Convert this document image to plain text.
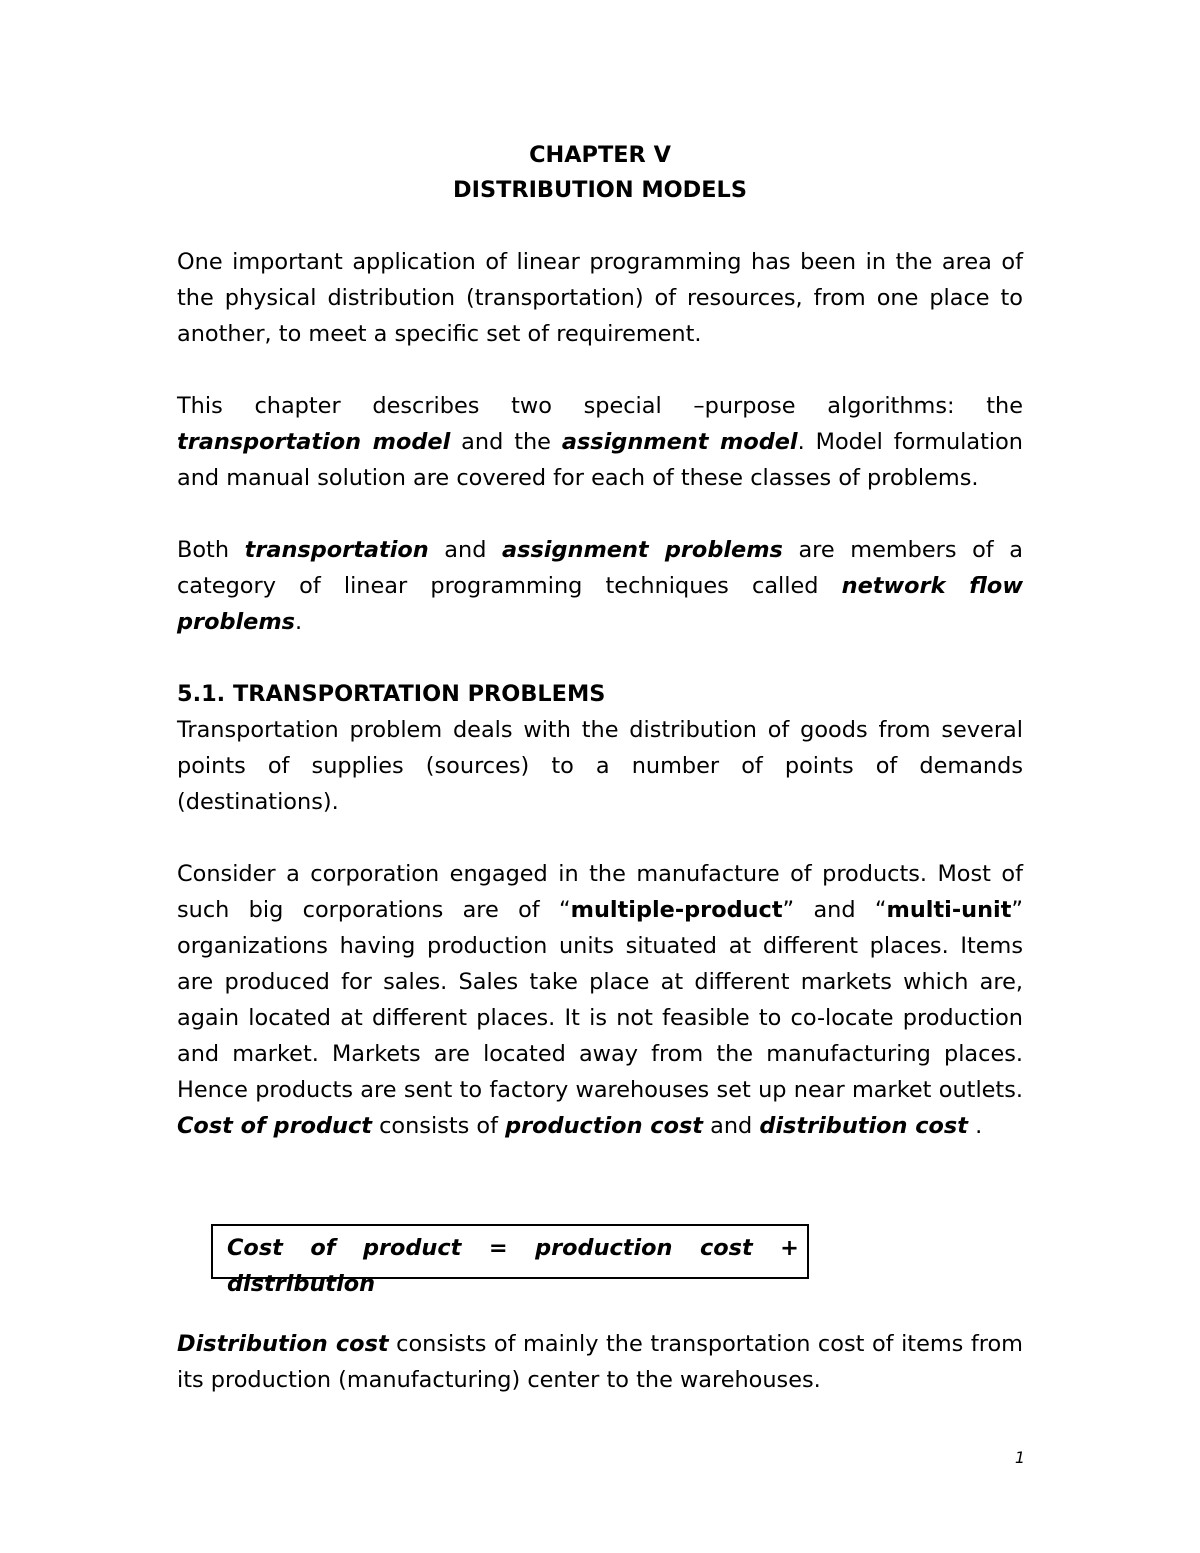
CHAPTER V
DISTRIBUTION MODELS

One important application of linear programming has been in the area of the physical distribution (transportation) of resources, from one place to another, to meet a specific set of requirement.

This chapter describes two special –purpose algorithms: the transportation model and the assignment model. Model formulation and manual solution are covered for each of these classes of problems.

Both transportation and assignment problems are members of a category of linear programming techniques called network flow problems.

5.1. TRANSPORTATION PROBLEMS

Transportation problem deals with the distribution of goods from several points of supplies (sources) to a number of points of demands (destinations).

Consider a corporation engaged in the manufacture of products. Most of such big corporations are of “multiple-product” and “multi-unit” organizations having production units situated at different places. Items are produced for sales. Sales take place at different markets which are, again located at different places. It is not feasible to co-locate production and market. Markets are located away from the manufacturing places. Hence products are sent to factory warehouses set up near market outlets. Cost of product consists of production cost and distribution cost .

Cost of product = production cost +
distribution

Distribution cost consists of mainly the transportation cost of items from its production (manufacturing) center to the warehouses.

1
